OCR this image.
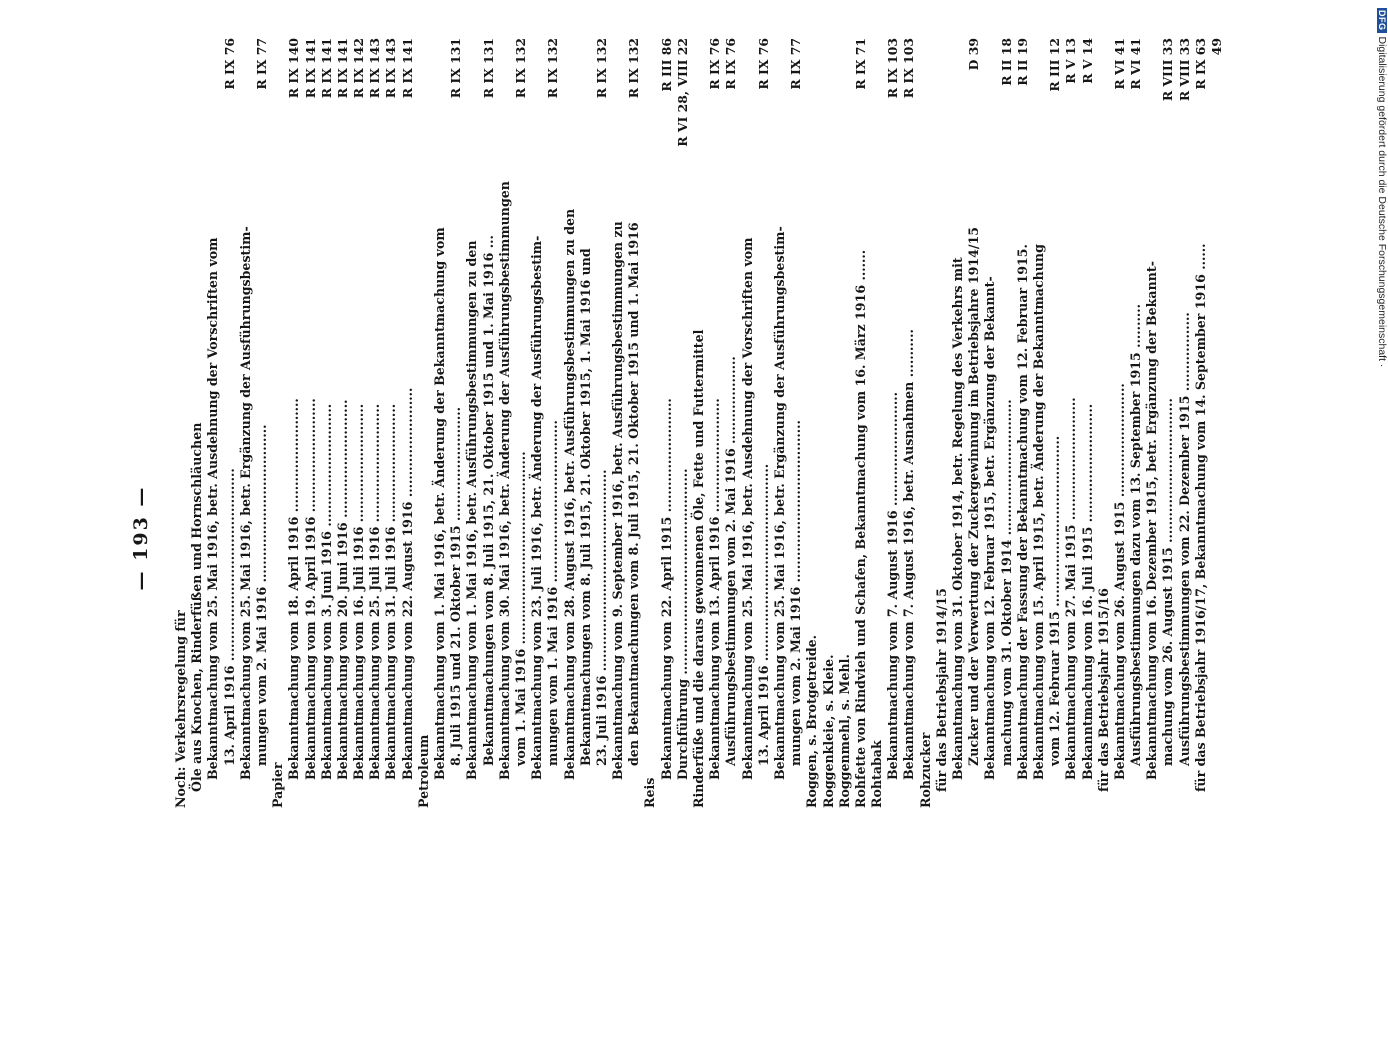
— 193 —
Noch: Verkehrsregelung für Öle aus Knochen, Rinderfüßen und Hornschläuchen Bekanntmachung vom 25. Mai 1916, betr. Ausdehnung der Vorschriften vom 13. April 1916 ............................................
R IX 76
Bekanntmachung vom 25. Mai 1916, betr. Ergänzung der Ausführungsbestim- mungen vom 2. Mai 1916 ....................................
R IX 77
Papier
Bekanntmachung vom 18. April 1916 ..........................
R IX 140
Bekanntmachung vom 19. April 1916 ..........................
R IX 141
Bekanntmachung vom 3. Juni 1916 ............................
R IX 141
Bekanntmachung vom 20. Juni 1916 ...........................
R IX 141
Bekanntmachung vom 16. Juli 1916 ...........................
R IX 142
Bekanntmachung vom 25. Juli 1916 ...........................
R IX 143
Bekanntmachung vom 31. Juli 1916 ...........................
R IX 143
Bekanntmachung vom 22. August 1916 .........................
R IX 141
Petroleum Bekanntmachung vom 1. Mai 1916, betr. Änderung der Bekanntmachung vom 8. Juli 1915 und 21. Oktober 1915 ..........................
R IX 131
Bekanntmachung vom 1. Mai 1916, betr. Ausführungsbestimmungen zu den Bekanntmachungen vom 8. Juli 1915, 21. Oktober 1915 und 1. Mai 1916 ...
R IX 131
Bekanntmachung vom 30. Mai 1916, betr. Änderung der Ausführungsbestimmungen vom 1. Mai 1916 ............................................
R IX 132
Bekanntmachung vom 23. Juli 1916, betr. Änderung der Ausführungsbestim- mungen vom 1. Mai 1916 .....................................
R IX 132
Bekanntmachung vom 28. August 1916, betr. Ausführungsbestimmungen zu den Bekanntmachungen vom 8. Juli 1915, 21. Oktober 1915, 1. Mai 1916 und 23. Juli 1916 ..............................................
R IX 132
Bekanntmachung vom 9. September 1916, betr. Ausführungsbestimmungen zu den Bekanntmachungen vom 8. Juli 1915, 21. Oktober 1915 und 1. Mai 1916
R IX 132
Reis
Bekanntmachung vom 22. April 1915 ..........................
R III 86
Durchführung ...............................................
R VI 28, VIII 22
Rinderfüße und die daraus gewonnenen Öle, Fette und Futtermittel Bekanntmachung vom 13. April 1916 ..........................
R IX 76
Ausführungsbestimmungen vom 2. Mai 1916 ....................
R IX 76
Bekanntmachung vom 25. Mai 1916, betr. Ausdehnung der Vorschriften vom 13. April 1916 .............................................
R IX 76
Bekanntmachung vom 25. Mai 1916, betr. Ergänzung der Ausführungsbestim- mungen vom 2. Mai 1916 .....................................
R IX 77
Roggen, s. Brotgetreide. Roggenkleie, s. Kleie. Roggenmehl, s. Mehl. Rohfette von Rindvieh und Schafen, Bekanntmachung vom 16. März 1916 .......
R IX 71
Rohtabak Bekanntmachung vom 7. August 1916 ..........................
R IX 103
Bekanntmachung vom 7. August 1916, betr. Ausnahmen ...........
R IX 103
Rohzucker für das Betriebsjahr 1914/15 Bekanntmachung vom 31. Oktober 1914, betr. Regelung des Verkehrs mit Zucker und der Verwertung der Zuckergewinnung im Betriebsjahre 1914/15
D 39
Bekanntmachung vom 12. Februar 1915, betr. Ergänzung der Bekannt- machung vom 31. Oktober 1914 ...............................
R II 18
Bekanntmachung der Fassung der Bekanntmachung vom 12. Februar 1915.
R II 19
Bekanntmachung vom 15. April 1915, betr. Änderung der Bekanntmachung vom 12. Februar 1915 .......................................
R III 12
Bekanntmachung vom 27. Mai 1915 ............................
R V 13
Bekanntmachung vom 16. Juli 1915 ...........................
R V 14
für das Betriebsjahr 1915/16 Bekanntmachung vom 26. August 1915 ..........................
R VI 41
Ausführungsbestimmungen dazu vom 13. September 1915 ..........
R VI 41
Bekanntmachung vom 16. Dezember 1915, betr. Ergänzung der Bekannt- machung vom 26. August 1915 .................................
R VIII 33
Ausführungsbestimmungen vom 22. Dezember 1915 ..................
R VIII 33
für das Betriebsjahr 1916/17, Bekanntmachung vom 14. September 1916 ......
R IX 63 49
DFGDigitalisierung gefördert durch die Deutsche Forschungsgemeinschaft ·
